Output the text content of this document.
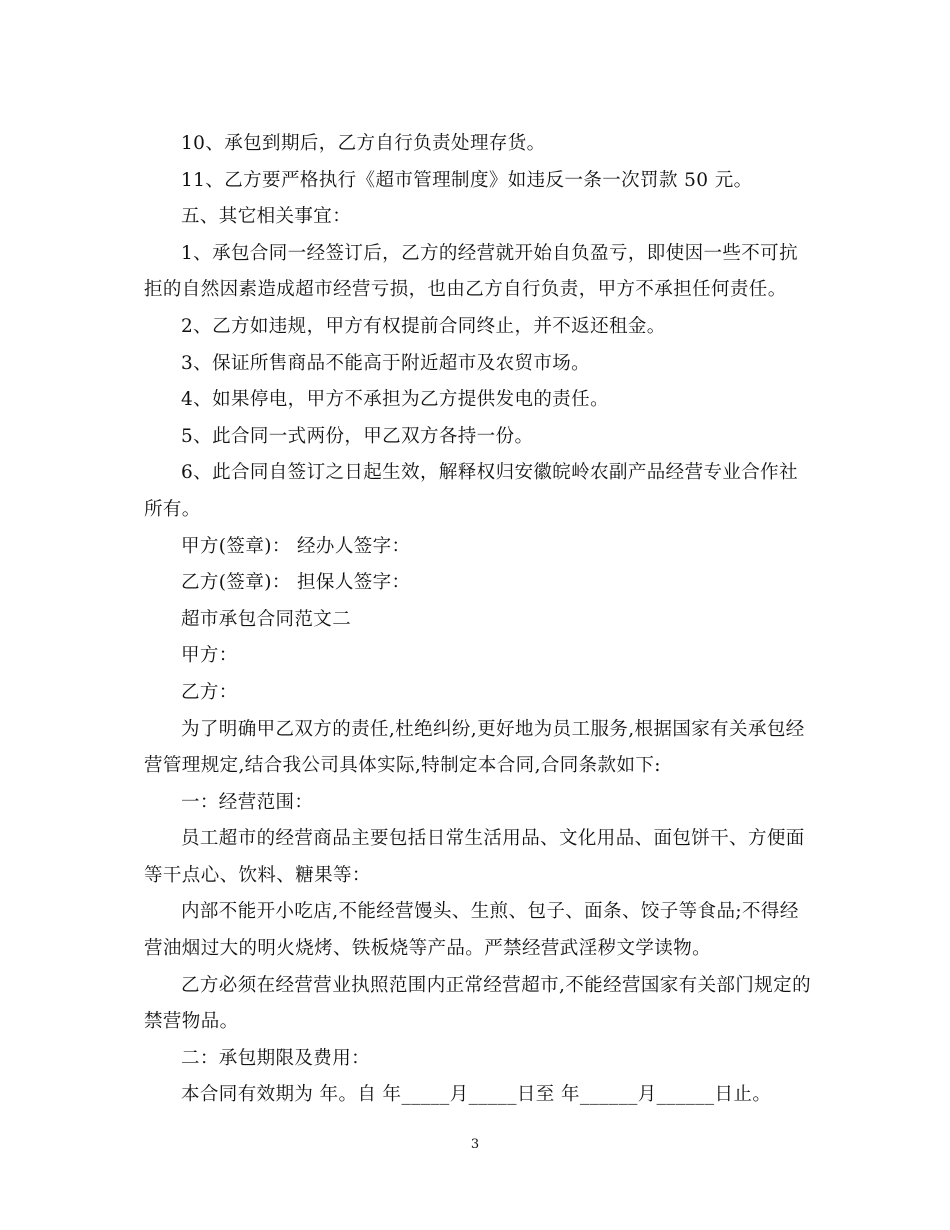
10、承包到期后，乙方自行负责处理存货。

11、乙方要严格执行《超市管理制度》如违反一条一次罚款 50 元。

五、其它相关事宜：

1、承包合同一经签订后，乙方的经营就开始自负盈亏，即使因一些不可抗拒的自然因素造成超市经营亏损，也由乙方自行负责，甲方不承担任何责任。

2、乙方如违规，甲方有权提前合同终止，并不返还租金。

3、保证所售商品不能高于附近超市及农贸市场。

4、如果停电，甲方不承担为乙方提供发电的责任。

5、此合同一式两份，甲乙双方各持一份。

6、此合同自签订之日起生效，解释权归安徽皖岭农副产品经营专业合作社所有。

甲方(签章)： 经办人签字：

乙方(签章)： 担保人签字：

超市承包合同范文二

甲方：

乙方：

为了明确甲乙双方的责任,杜绝纠纷,更好地为员工服务,根据国家有关承包经营管理规定,结合我公司具体实际,特制定本合同,合同条款如下:

一：经营范围：

员工超市的经营商品主要包括日常生活用品、文化用品、面包饼干、方便面等干点心、饮料、糖果等：

内部不能开小吃店,不能经营馒头、生煎、包子、面条、饺子等食品;不得经营油烟过大的明火烧烤、铁板烧等产品。严禁经营武淫秽文学读物。

乙方必须在经营营业执照范围内正常经营超市,不能经营国家有关部门规定的禁营物品。

二：承包期限及费用：

本合同有效期为 年。自 年_____月_____日至 年______月______日止。

3
